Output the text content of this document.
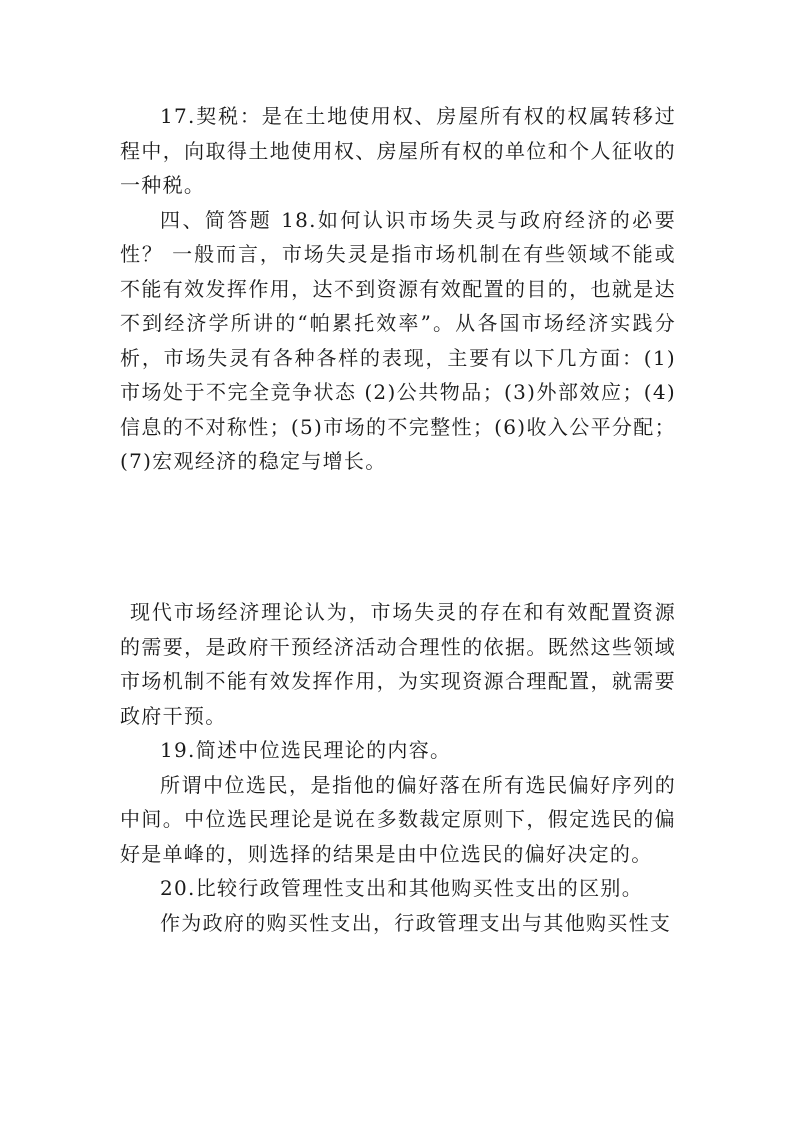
17.契税：是在土地使用权、房屋所有权的权属转移过程中，向取得土地使用权、房屋所有权的单位和个人征收的一种税。

四、简答题 18.如何认识市场失灵与政府经济的必要性？ 一般而言，市场失灵是指市场机制在有些领域不能或不能有效发挥作用，达不到资源有效配置的目的，也就是达不到经济学所讲的“帕累托效率”。从各国市场经济实践分析，市场失灵有各种各样的表现，主要有以下几方面：(1)市场处于不完全竞争状态 (2)公共物品；(3)外部效应；(4)信息的不对称性；(5)市场的不完整性；(6)收入公平分配；(7)宏观经济的稳定与增长。

现代市场经济理论认为，市场失灵的存在和有效配置资源的需要，是政府干预经济活动合理性的依据。既然这些领域市场机制不能有效发挥作用，为实现资源合理配置，就需要政府干预。

19.简述中位选民理论的内容。

所谓中位选民，是指他的偏好落在所有选民偏好序列的中间。中位选民理论是说在多数裁定原则下，假定选民的偏好是单峰的，则选择的结果是由中位选民的偏好决定的。

20.比较行政管理性支出和其他购买性支出的区别。

作为政府的购买性支出，行政管理支出与其他购买性支
